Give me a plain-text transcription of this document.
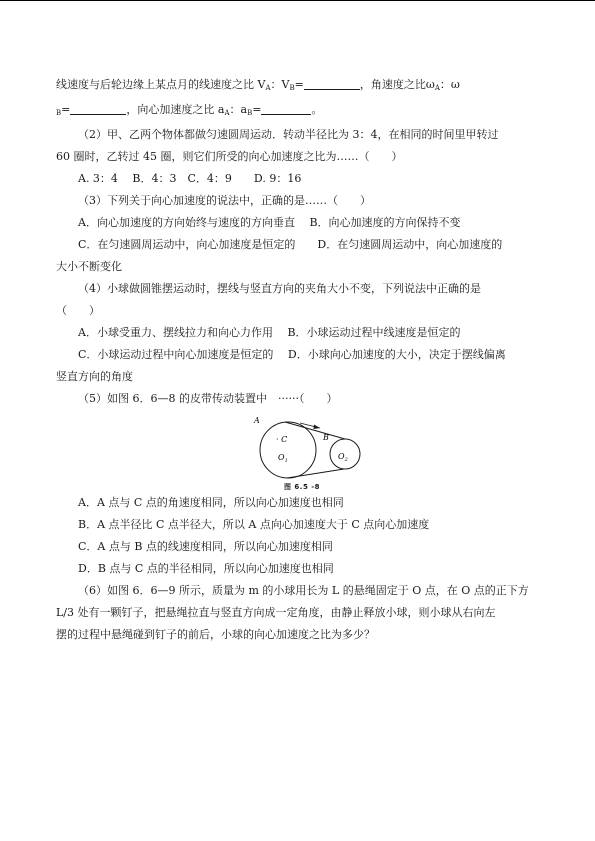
线速度与后轮边缘上某点月的线速度之比 $V_A$：$V_B=$	，角速度之比$\omega_A$：ω

$_B$=	，向心加速度之比 $a_A$：$a_B=$	。

（2）甲、乙两个物体都做匀速圆周运动．转动半径比为 3：4，在相同的时间里甲转过

60 圈时，乙转过 45 圈，则它们所受的向心加速度之比为……（　　）

A. 3：4　 B．4：3　C．4：9　　D. 9：16

（3）下列关于向心加速度的说法中，正确的是……（　　）

A．向心加速度的方向始终与速度的方向垂直　 B．向心加速度的方向保持不变

C．在匀速圆周运动中，向心加速度是恒定的　　D．在匀速圆周运动中，向心加速度的

大小不断变化

（4）小球做圆锥摆运动时，摆线与竖直方向的夹角大小不变，下列说法中正确的是

（　　）

A．小球受重力、摆线拉力和向心力作用　 B．小球运动过程中线速度是恒定的

C．小球运动过程中向心加速度是恒定的　 D．小球向心加速度的大小，决定于摆线偏离

竖直方向的角度

（5）如图 6．6—8 的皮带传动装置中　······（　　）

A
B
· C
$O_1$	$O_2$
图 6.5 -8

A．A 点与 C 点的角速度相同，所以向心加速度也相同

B．A 点半径比 C 点半径大，所以 A 点向心加速度大于 C 点向心加速度

C．A 点与 B 点的线速度相同，所以向心加速度相同

D．B 点与 C 点的半径相同，所以向心加速度也相同

（6）如图 6．6—9 所示，质量为 m 的小球用长为 L 的悬绳固定于 O 点，在 O 点的正下方

L/3 处有一颗钉子，把悬绳拉直与竖直方向成一定角度，由静止释放小球，则小球从右向左

摆的过程中悬绳碰到钉子的前后，小球的向心加速度之比为多少？
